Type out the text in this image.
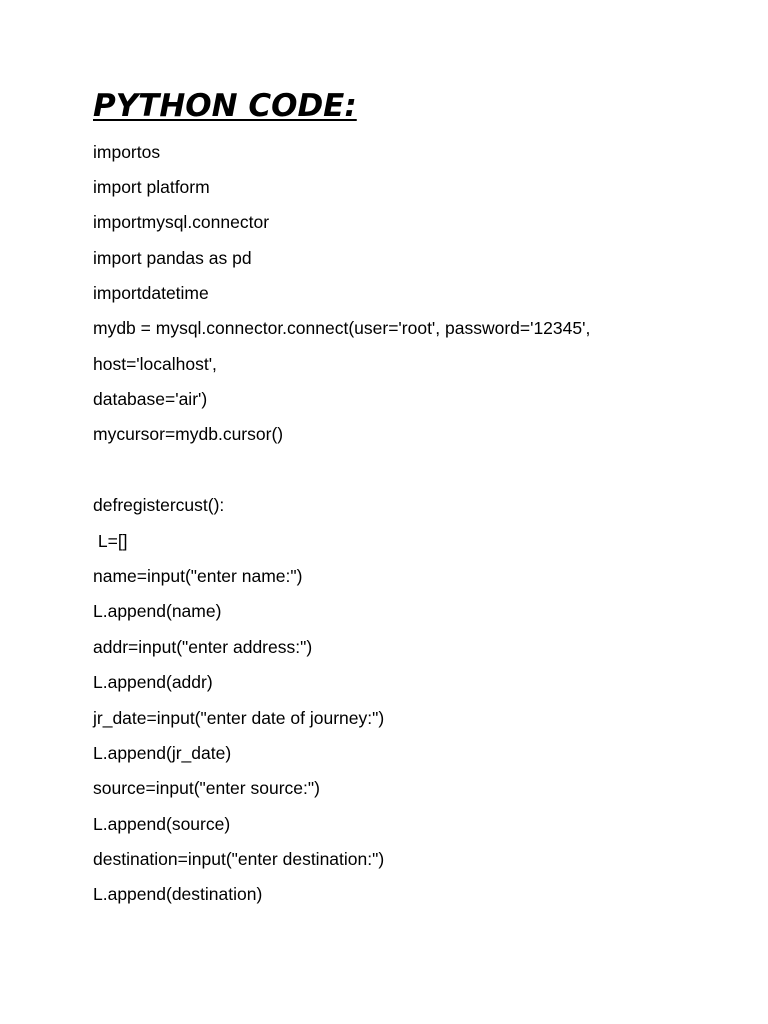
PYTHON CODE:
importos
import platform
importmysql.connector
import pandas as pd
importdatetime
mydb = mysql.connector.connect(user='root', password='12345',
host='localhost',
database='air')
mycursor=mydb.cursor()
defregistercust():
L=[]
name=input("enter name:")
L.append(name)
addr=input("enter address:")
L.append(addr)
jr_date=input("enter date of journey:")
L.append(jr_date)
source=input("enter source:")
L.append(source)
destination=input("enter destination:")
L.append(destination)
